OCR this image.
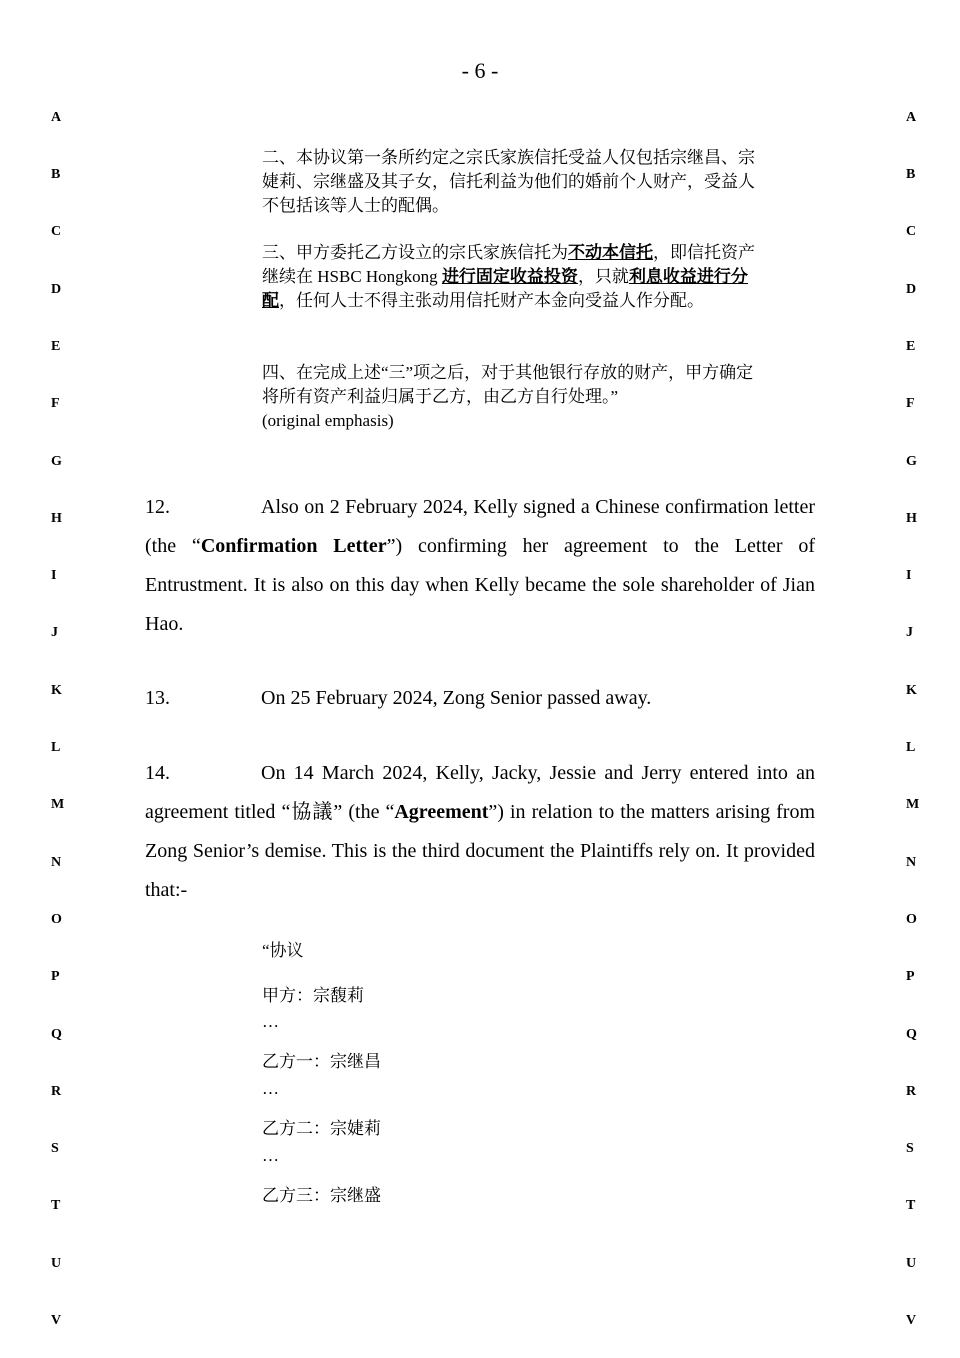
- 6 -
A
B
C
D
E
F
G
H
I
J
K
L
M
N
O
P
Q
R
S
T
U
V
A
B
C
D
E
F
G
H
I
J
K
L
M
N
O
P
Q
R
S
T
U
V

二、本协议第一条所约定之宗氏家族信托受益人仅包括宗继昌、宗婕莉、宗继盛及其子女，信托利益为他们的婚前个人财产，受益人不包括该等人士的配偶。

三、甲方委托乙方设立的宗氏家族信托为不动本信托，即信托资产继续在 HSBC Hongkong 进行固定收益投资，只就利息收益进行分配，任何人士不得主张动用信托财产本金向受益人作分配。

四、在完成上述“三”项之后，对于其他银行存放的财产，甲方确定将所有资产利益归属于乙方，由乙方自行处理。”

(original emphasis)

12.	Also on 2 February 2024, Kelly signed a Chinese confirmation letter (the “Confirmation Letter”) confirming her agreement to the Letter of Entrustment. It is also on this day when Kelly became the sole shareholder of Jian Hao.
13.	On 25 February 2024, Zong Senior passed away.
14.	On 14 March 2024, Kelly, Jacky, Jessie and Jerry entered into an agreement titled “協議” (the “Agreement”) in relation to the matters arising from Zong Senior’s demise. This is the third document the Plaintiffs rely on. It provided that:-
“协议
甲方：宗馥莉
…
乙方一：宗继昌
…
乙方二：宗婕莉
…
乙方三：宗继盛
